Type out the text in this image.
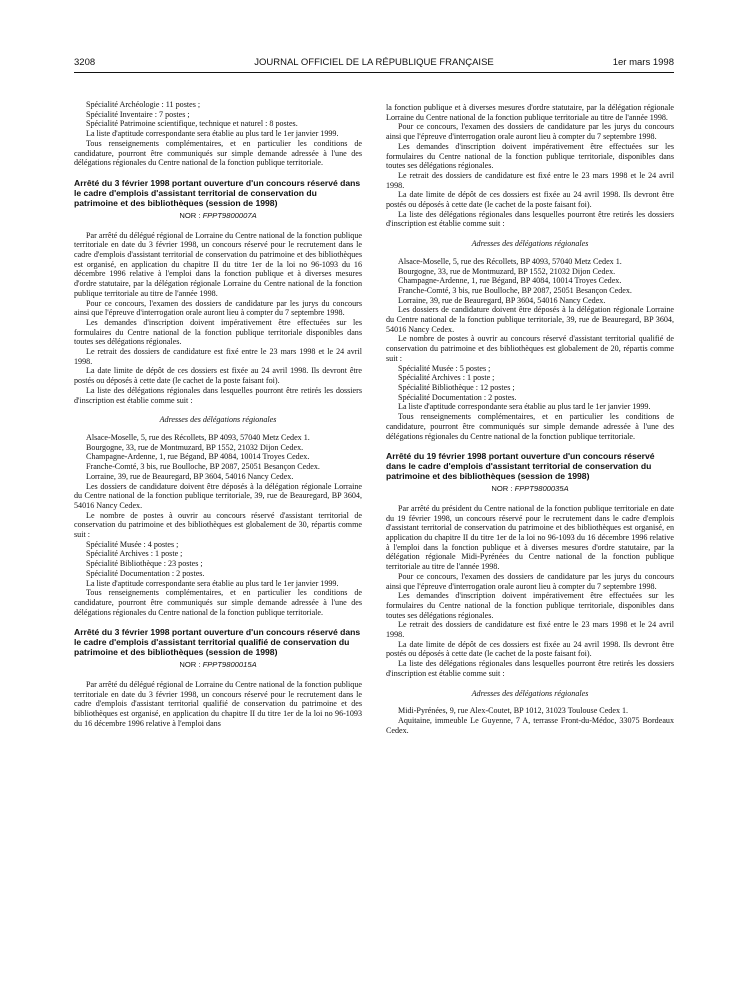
3208	JOURNAL OFFICIEL DE LA RÉPUBLIQUE FRANÇAISE	1er mars 1998

Spécialité Archéologie : 11 postes ;

Spécialité Inventaire : 7 postes ;

Spécialité Patrimoine scientifique, technique et naturel : 8 postes.

La liste d'aptitude correspondante sera établie au plus tard le 1er janvier 1999.

Tous renseignements complémentaires, et en particulier les conditions de candidature, pourront être communiqués sur simple demande adressée à l'une des délégations régionales du Centre national de la fonction publique territoriale.

Arrêté du 3 février 1998 portant ouverture d'un concours réservé dans le cadre d'emplois d'assistant territorial de conservation du patrimoine et des bibliothèques (session de 1998)
NOR : FPPT9800007A

Par arrêté du délégué régional de Lorraine du Centre national de la fonction publique territoriale en date du 3 février 1998, un concours réservé pour le recrutement dans le cadre d'emplois d'assistant territorial de conservation du patrimoine et des bibliothèques est organisé, en application du chapitre II du titre 1er de la loi no 96-1093 du 16 décembre 1996 relative à l'emploi dans la fonction publique et à diverses mesures d'ordre statutaire, par la délégation régionale Lorraine du Centre national de la fonction publique territoriale au titre de l'année 1998.

Pour ce concours, l'examen des dossiers de candidature par les jurys du concours ainsi que l'épreuve d'interrogation orale auront lieu à compter du 7 septembre 1998.

Les demandes d'inscription doivent impérativement être effectuées sur les formulaires du Centre national de la fonction publique territoriale disponibles dans toutes ses délégations régionales.

Le retrait des dossiers de candidature est fixé entre le 23 mars 1998 et le 24 avril 1998.

La date limite de dépôt de ces dossiers est fixée au 24 avril 1998. Ils devront être postés ou déposés à cette date (le cachet de la poste faisant foi).

La liste des délégations régionales dans lesquelles pourront être retirés les dossiers d'inscription est établie comme suit :

Adresses des délégations régionales

Alsace-Moselle, 5, rue des Récollets, BP 4093, 57040 Metz Cedex 1.

Bourgogne, 33, rue de Montmuzard, BP 1552, 21032 Dijon Cedex.

Champagne-Ardenne, 1, rue Bégand, BP 4084, 10014 Troyes Cedex.

Franche-Comté, 3 bis, rue Boulloche, BP 2087, 25051 Besançon Cedex.

Lorraine, 39, rue de Beauregard, BP 3604, 54016 Nancy Cedex.

Les dossiers de candidature doivent être déposés à la délégation régionale Lorraine du Centre national de la fonction publique territoriale, 39, rue de Beauregard, BP 3604, 54016 Nancy Cedex.

Le nombre de postes à ouvrir au concours réservé d'assistant territorial de conservation du patrimoine et des bibliothèques est globalement de 30, répartis comme suit :

Spécialité Musée : 4 postes ;

Spécialité Archives : 1 poste ;

Spécialité Bibliothèque : 23 postes ;

Spécialité Documentation : 2 postes.

La liste d'aptitude correspondante sera établie au plus tard le 1er janvier 1999.

Tous renseignements complémentaires, et en particulier les conditions de candidature, pourront être communiqués sur simple demande adressée à l'une des délégations régionales du Centre national de la fonction publique territoriale.

Arrêté du 3 février 1998 portant ouverture d'un concours réservé dans le cadre d'emplois d'assistant territorial qualifié de conservation du patrimoine et des bibliothèques (session de 1998)
NOR : FPPT9800015A

Par arrêté du délégué régional de Lorraine du Centre national de la fonction publique territoriale en date du 3 février 1998, un concours réservé pour le recrutement dans le cadre d'emplois d'assistant territorial qualifié de conservation du patrimoine et des bibliothèques est organisé, en application du chapitre II du titre 1er de la loi no 96-1093 du 16 décembre 1996 relative à l'emploi dans

la fonction publique et à diverses mesures d'ordre statutaire, par la délégation régionale Lorraine du Centre national de la fonction publique territoriale au titre de l'année 1998.

Pour ce concours, l'examen des dossiers de candidature par les jurys du concours ainsi que l'épreuve d'interrogation orale auront lieu à compter du 7 septembre 1998.

Les demandes d'inscription doivent impérativement être effectuées sur les formulaires du Centre national de la fonction publique territoriale, disponibles dans toutes ses délégations régionales.

Le retrait des dossiers de candidature est fixé entre le 23 mars 1998 et le 24 avril 1998.

La date limite de dépôt de ces dossiers est fixée au 24 avril 1998. Ils devront être postés ou déposés à cette date (le cachet de la poste faisant foi).

La liste des délégations régionales dans lesquelles pourront être retirés les dossiers d'inscription est établie comme suit :

Adresses des délégations régionales

Alsace-Moselle, 5, rue des Récollets, BP 4093, 57040 Metz Cedex 1.

Bourgogne, 33, rue de Montmuzard, BP 1552, 21032 Dijon Cedex.

Champagne-Ardenne, 1, rue Bégand, BP 4084, 10014 Troyes Cedex.

Franche-Comté, 3 bis, rue Boulloche, BP 2087, 25051 Besançon Cedex.

Lorraine, 39, rue de Beauregard, BP 3604, 54016 Nancy Cedex.

Les dossiers de candidature doivent être déposés à la délégation régionale Lorraine du Centre national de la fonction publique territoriale, 39, rue de Beauregard, BP 3604, 54016 Nancy Cedex.

Le nombre de postes à ouvrir au concours réservé d'assistant territorial qualifié de conservation du patrimoine et des bibliothèques est globalement de 20, répartis comme suit :

Spécialité Musée : 5 postes ;

Spécialité Archives : 1 poste ;

Spécialité Bibliothèque : 12 postes ;

Spécialité Documentation : 2 postes.

La liste d'aptitude correspondante sera établie au plus tard le 1er janvier 1999.

Tous renseignements complémentaires, et en particulier les conditions de candidature, pourront être communiqués sur simple demande adressée à l'une des délégations régionales du Centre national de la fonction publique territoriale.

Arrêté du 19 février 1998 portant ouverture d'un concours réservé dans le cadre d'emplois d'assistant territorial de conservation du patrimoine et des bibliothèques (session de 1998)
NOR : FPPT9800035A

Par arrêté du président du Centre national de la fonction publique territoriale en date du 19 février 1998, un concours réservé pour le recrutement dans le cadre d'emplois d'assistant territorial de conservation du patrimoine et des bibliothèques est organisé, en application du chapitre II du titre 1er de la loi no 96-1093 du 16 décembre 1996 relative à l'emploi dans la fonction publique et à diverses mesures d'ordre statutaire, par la délégation régionale Midi-Pyrénées du Centre national de la fonction publique territoriale au titre de l'année 1998.

Pour ce concours, l'examen des dossiers de candidature par les jurys du concours ainsi que l'épreuve d'interrogation orale auront lieu à compter du 7 septembre 1998.

Les demandes d'inscription doivent impérativement être effectuées sur les formulaires du Centre national de la fonction publique territoriale, disponibles dans toutes ses délégations régionales.

Le retrait des dossiers de candidature est fixé entre le 23 mars 1998 et le 24 avril 1998.

La date limite de dépôt de ces dossiers est fixée au 24 avril 1998. Ils devront être postés ou déposés à cette date (le cachet de la poste faisant foi).

La liste des délégations régionales dans lesquelles pourront être retirés les dossiers d'inscription est établie comme suit :

Adresses des délégations régionales

Midi-Pyrénées, 9, rue Alex-Coutet, BP 1012, 31023 Toulouse Cedex 1.

Aquitaine, immeuble Le Guyenne, 7 A, terrasse Front-du-Médoc, 33075 Bordeaux Cedex.
